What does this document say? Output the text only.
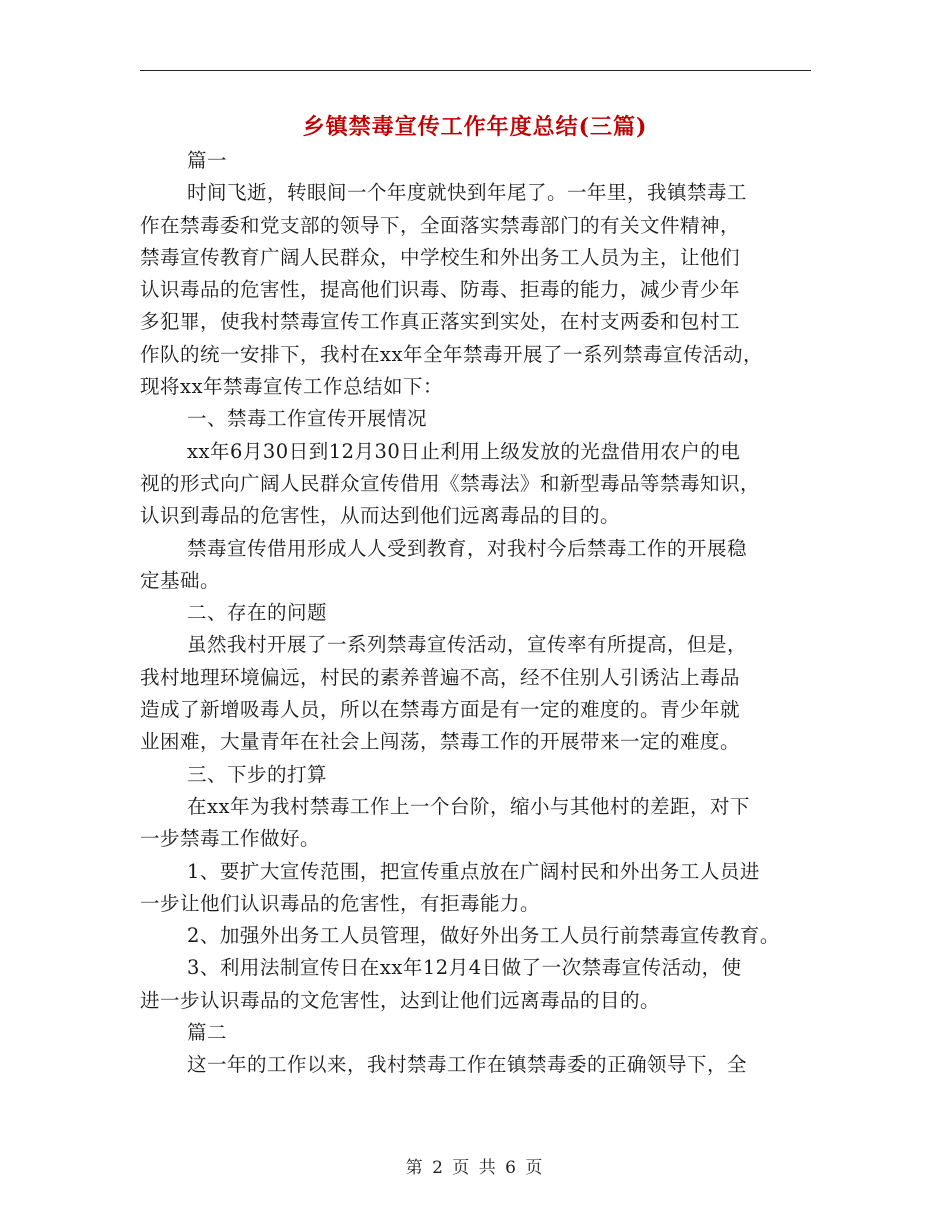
乡镇禁毒宣传工作年度总结(三篇)
篇一
时间飞逝，转眼间一个年度就快到年尾了。一年里，我镇禁毒工
作在禁毒委和党支部的领导下，全面落实禁毒部门的有关文件精神，
禁毒宣传教育广阔人民群众，中学校生和外出务工人员为主，让他们
认识毒品的危害性，提高他们识毒、防毒、拒毒的能力，减少青少年
多犯罪，使我村禁毒宣传工作真正落实到实处，在村支两委和包村工
作队的统一安排下，我村在xx年全年禁毒开展了一系列禁毒宣传活动，
现将xx年禁毒宣传工作总结如下：
一、禁毒工作宣传开展情况
xx年6月30日到12月30日止利用上级发放的光盘借用农户的电
视的形式向广阔人民群众宣传借用《禁毒法》和新型毒品等禁毒知识，
认识到毒品的危害性，从而达到他们远离毒品的目的。
禁毒宣传借用形成人人受到教育，对我村今后禁毒工作的开展稳
定基础。
二、存在的问题
虽然我村开展了一系列禁毒宣传活动，宣传率有所提高，但是，
我村地理环境偏远，村民的素养普遍不高，经不住别人引诱沾上毒品
造成了新增吸毒人员，所以在禁毒方面是有一定的难度的。青少年就
业困难，大量青年在社会上闯荡，禁毒工作的开展带来一定的难度。
三、下步的打算
在xx年为我村禁毒工作上一个台阶，缩小与其他村的差距，对下
一步禁毒工作做好。
1、要扩大宣传范围，把宣传重点放在广阔村民和外出务工人员进
一步让他们认识毒品的危害性，有拒毒能力。
2、加强外出务工人员管理，做好外出务工人员行前禁毒宣传教育。
3、利用法制宣传日在xx年12月4日做了一次禁毒宣传活动，使
进一步认识毒品的文危害性，达到让他们远离毒品的目的。
篇二
这一年的工作以来，我村禁毒工作在镇禁毒委的正确领导下，全
第 2 页 共 6 页
